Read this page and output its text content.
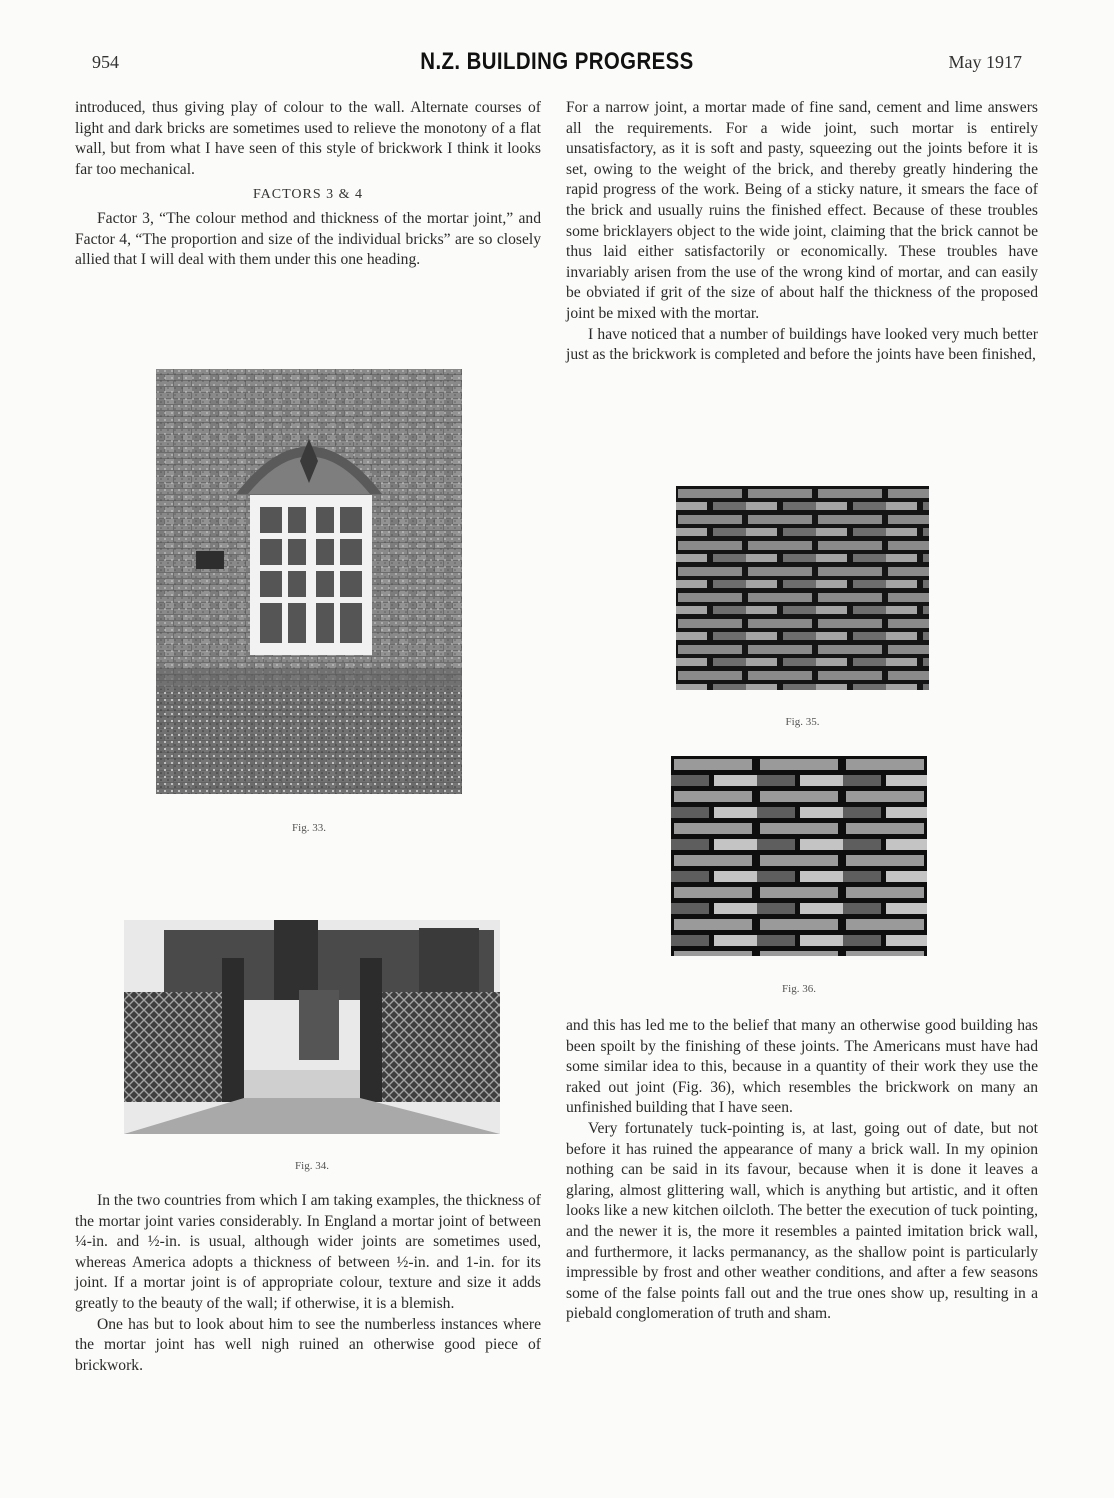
954	N.Z. BUILDING PROGRESS	May 1917

introduced, thus giving play of colour to the wall. Alternate courses of light and dark bricks are sometimes used to relieve the monotony of a flat wall, but from what I have seen of this style of brickwork I think it looks far too mechanical.

FACTORS 3 & 4

Factor 3, “The colour method and thickness of the mortar joint,” and Factor 4, “The proportion and size of the individual bricks” are so closely allied that I will deal with them under this one heading.

Fig. 33.
Fig. 34.

In the two countries from which I am taking examples, the thickness of the mortar joint varies considerably. In England a mortar joint of between ¼-in. and ½-in. is usual, although wider joints are sometimes used, whereas America adopts a thickness of between ½-in. and 1-in. for its joint. If a mortar joint is of appropriate colour, texture and size it adds greatly to the beauty of the wall; if otherwise, it is a blemish.

One has but to look about him to see the numberless instances where the mortar joint has well nigh ruined an otherwise good piece of brickwork.

For a narrow joint, a mortar made of fine sand, cement and lime answers all the requirements. For a wide joint, such mortar is entirely unsatisfactory, as it is soft and pasty, squeezing out the joints before it is set, owing to the weight of the brick, and thereby greatly hindering the rapid progress of the work. Being of a sticky nature, it smears the face of the brick and usually ruins the finished effect. Because of these troubles some bricklayers object to the wide joint, claiming that the brick cannot be thus laid either satisfactorily or economically. These troubles have invariably arisen from the use of the wrong kind of mortar, and can easily be obviated if grit of the size of about half the thickness of the proposed joint be mixed with the mortar.

I have noticed that a number of buildings have looked very much better just as the brickwork is completed and before the joints have been finished,

Fig. 35.
Fig. 36.

and this has led me to the belief that many an otherwise good building has been spoilt by the finishing of these joints. The Americans must have had some similar idea to this, because in a quantity of their work they use the raked out joint (Fig. 36), which resembles the brickwork on many an unfinished building that I have seen.

Very fortunately tuck-pointing is, at last, going out of date, but not before it has ruined the appearance of many a brick wall. In my opinion nothing can be said in its favour, because when it is done it leaves a glaring, almost glittering wall, which is anything but artistic, and it often looks like a new kitchen oilcloth. The better the execution of tuck pointing, and the newer it is, the more it resembles a painted imitation brick wall, and furthermore, it lacks permanancy, as the shallow point is particularly impressible by frost and other weather conditions, and after a few seasons some of the false points fall out and the true ones show up, resulting in a piebald conglomeration of truth and sham.
